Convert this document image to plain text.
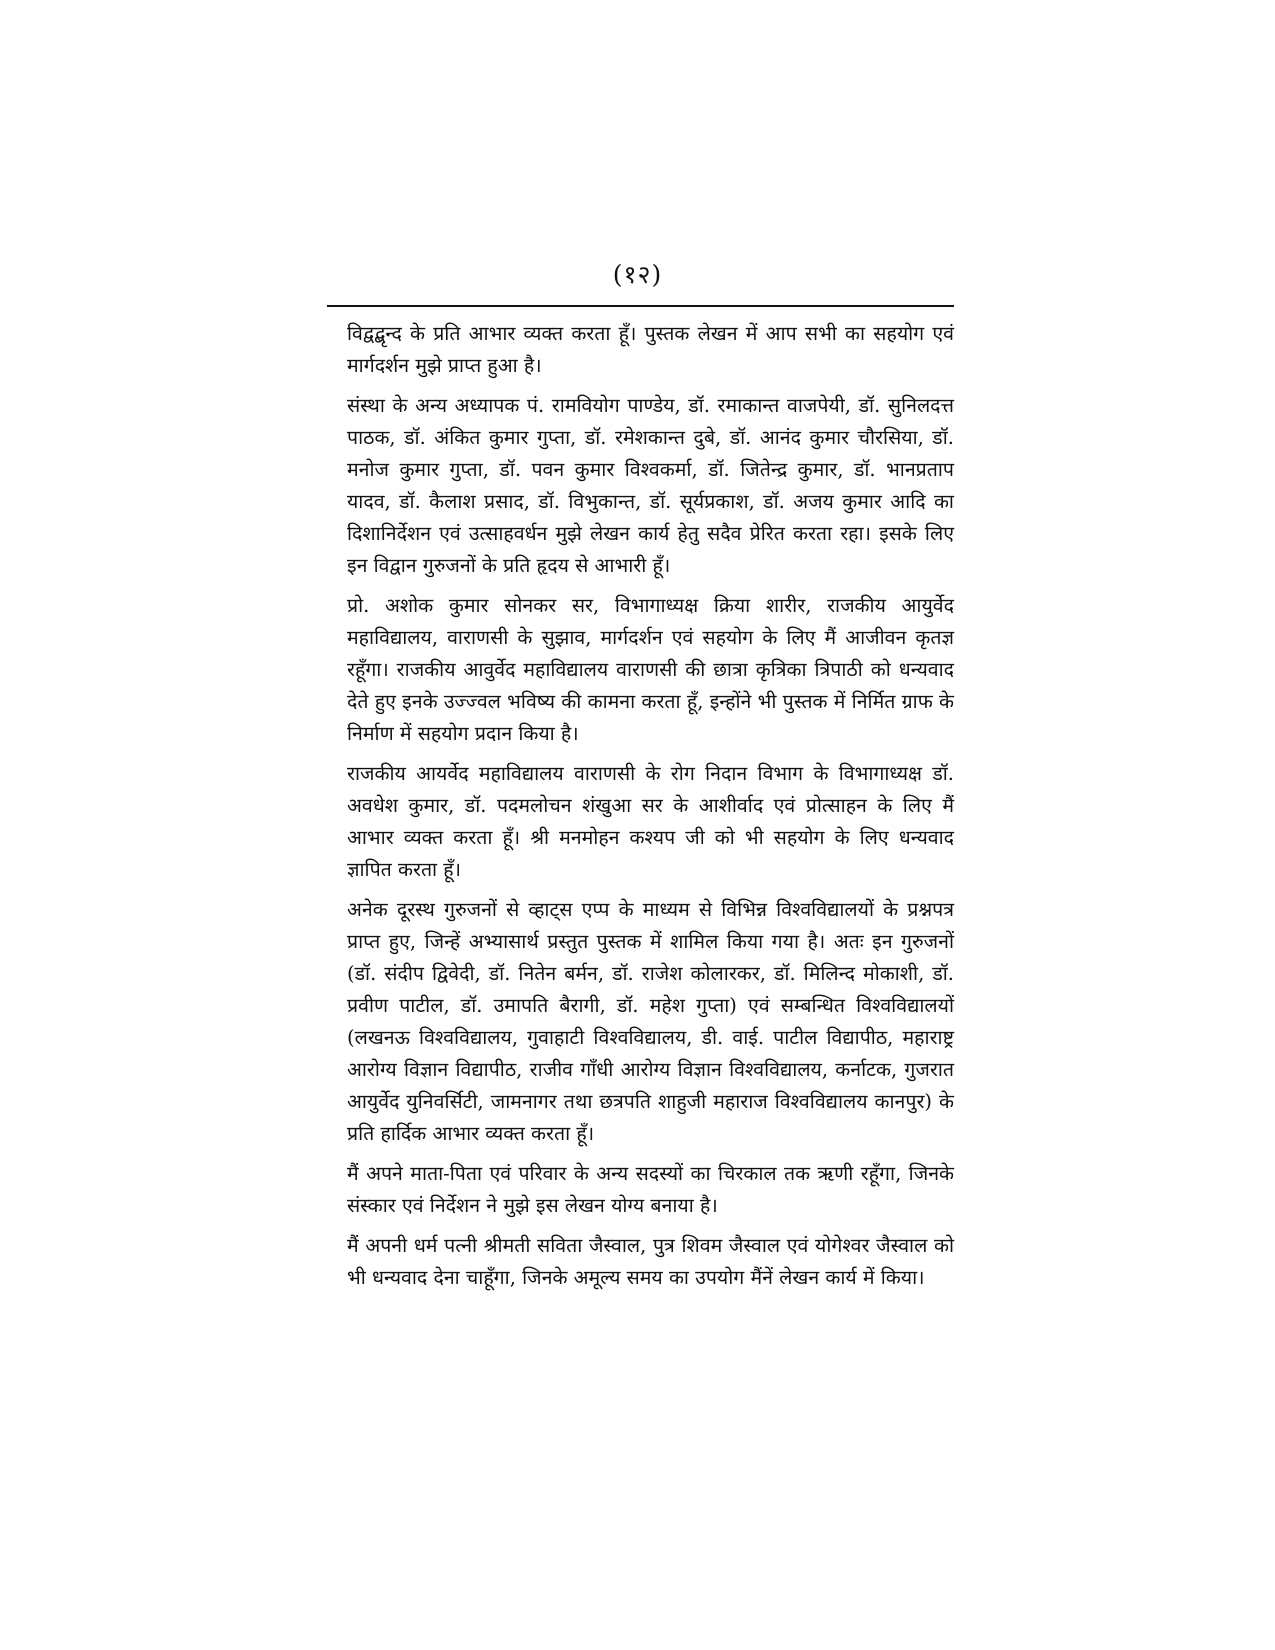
(१२)

विद्वद्बृन्द के प्रति आभार व्यक्त करता हूँ। पुस्तक लेखन में आप सभी का सहयोग एवं मार्गदर्शन मुझे प्राप्त हुआ है।

संस्था के अन्य अध्यापक पं. रामवियोग पाण्डेय, डॉ. रमाकान्त वाजपेयी, डॉ. सुनिलदत्त पाठक, डॉ. अंकित कुमार गुप्ता, डॉ. रमेशकान्त दुबे, डॉ. आनंद कुमार चौरसिया, डॉ. मनोज कुमार गुप्ता, डॉ. पवन कुमार विश्वकर्मा, डॉ. जितेन्द्र कुमार, डॉ. भानप्रताप यादव, डॉ. कैलाश प्रसाद, डॉ. विभुकान्त, डॉ. सूर्यप्रकाश, डॉ. अजय कुमार आदि का दिशानिर्देशन एवं उत्साहवर्धन मुझे लेखन कार्य हेतु सदैव प्रेरित करता रहा। इसके लिए इन विद्वान गुरुजनों के प्रति हृदय से आभारी हूँ।

प्रो. अशोक कुमार सोनकर सर, विभागाध्यक्ष क्रिया शारीर, राजकीय आयुर्वेद महाविद्यालय, वाराणसी के सुझाव, मार्गदर्शन एवं सहयोग के लिए मैं आजीवन कृतज्ञ रहूँगा। राजकीय आवुर्वेद महाविद्यालय वाराणसी की छात्रा कृत्रिका त्रिपाठी को धन्यवाद देते हुए इनके उज्ज्वल भविष्य की कामना करता हूँ, इन्होंने भी पुस्तक में निर्मित ग्राफ के निर्माण में सहयोग प्रदान किया है।

राजकीय आयर्वेद महाविद्यालय वाराणसी के रोग निदान विभाग के विभागाध्यक्ष डॉ. अवधेश कुमार, डॉ. पदमलोचन शंखुआ सर के आशीर्वाद एवं प्रोत्साहन के लिए मैं आभार व्यक्त करता हूँ। श्री मनमोहन कश्यप जी को भी सहयोग के लिए धन्यवाद ज्ञापित करता हूँ।

अनेक दूरस्थ गुरुजनों से व्हाट्स एप्प के माध्यम से विभिन्न विश्वविद्यालयों के प्रश्नपत्र प्राप्त हुए, जिन्हें अभ्यासार्थ प्रस्तुत पुस्तक में शामिल किया गया है। अतः इन गुरुजनों (डॉ. संदीप द्विवेदी, डॉ. नितेन बर्मन, डॉ. राजेश कोलारकर, डॉ. मिलिन्द मोकाशी, डॉ. प्रवीण पाटील, डॉ. उमापति बैरागी, डॉ. महेश गुप्ता) एवं सम्बन्धित विश्वविद्यालयों (लखनऊ विश्वविद्यालय, गुवाहाटी विश्वविद्यालय, डी. वाई. पाटील विद्यापीठ, महाराष्ट्र आरोग्य विज्ञान विद्यापीठ, राजीव गाँधी आरोग्य विज्ञान विश्वविद्यालय, कर्नाटक, गुजरात आयुर्वेद युनिवर्सिटी, जामनागर तथा छत्रपति शाहुजी महाराज विश्वविद्यालय कानपुर) के प्रति हार्दिक आभार व्यक्त करता हूँ।

मैं अपने माता-पिता एवं परिवार के अन्य सदस्यों का चिरकाल तक ऋणी रहूँगा, जिनके संस्कार एवं निर्देशन ने मुझे इस लेखन योग्य बनाया है।

मैं अपनी धर्म पत्नी श्रीमती सविता जैस्वाल, पुत्र शिवम जैस्वाल एवं योगेश्वर जैस्वाल को भी धन्यवाद देना चाहूँगा, जिनके अमूल्य समय का उपयोग मैंनें लेखन कार्य में किया।
